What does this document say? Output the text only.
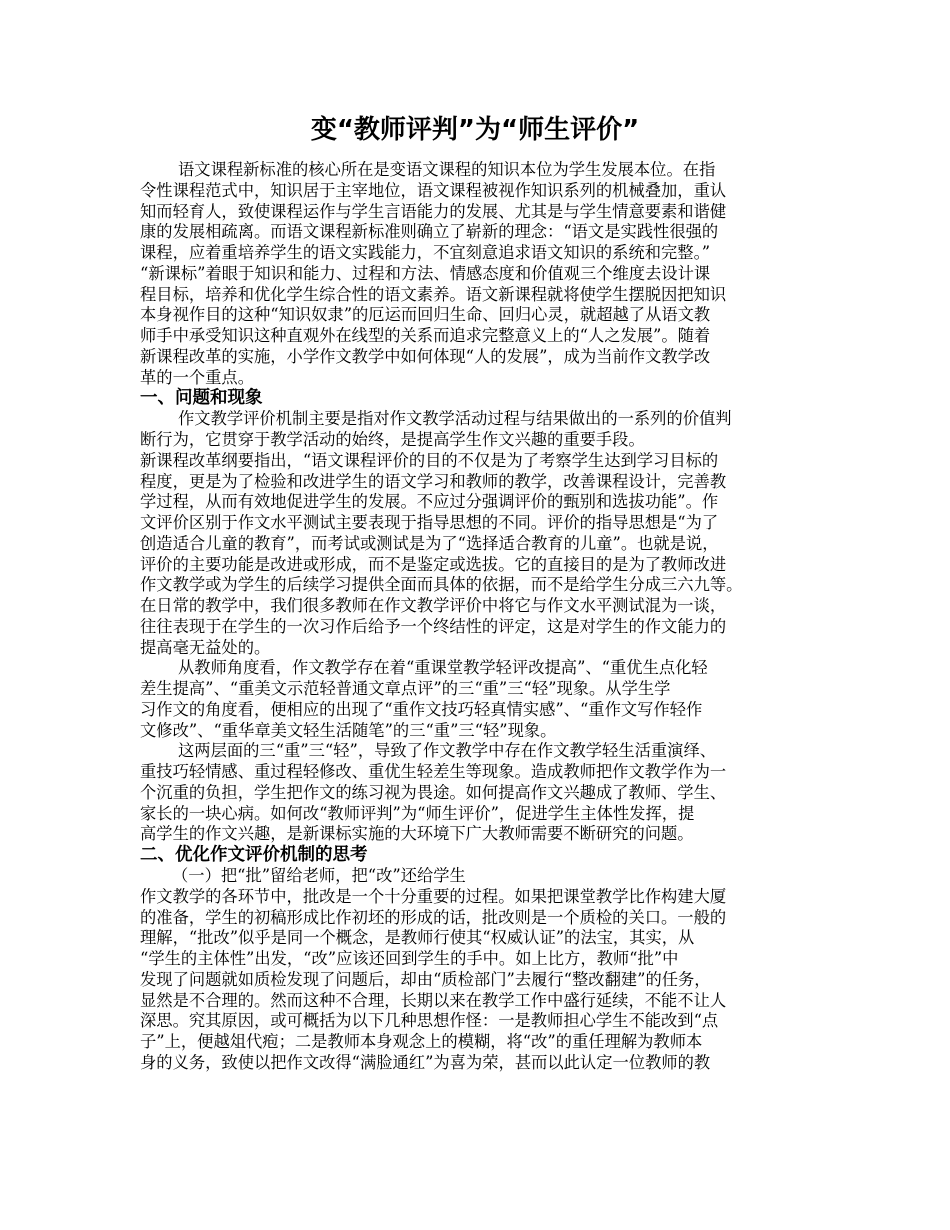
变“教师评判”为“师生评价”
语文课程新标准的核心所在是变语文课程的知识本位为学生发展本位。在指
令性课程范式中，知识居于主宰地位，语文课程被视作知识系列的机械叠加，重认
知而轻育人，致使课程运作与学生言语能力的发展、尤其是与学生情意要素和谐健
康的发展相疏离。而语文课程新标准则确立了崭新的理念：“语文是实践性很强的
课程，应着重培养学生的语文实践能力，不宜刻意追求语文知识的系统和完整。”
“新课标”着眼于知识和能力、过程和方法、情感态度和价值观三个维度去设计课
程目标，培养和优化学生综合性的语文素养。语文新课程就将使学生摆脱因把知识
本身视作目的这种“知识奴隶”的厄运而回归生命、回归心灵，就超越了从语文教
师手中承受知识这种直观外在线型的关系而追求完整意义上的“人之发展”。随着
新课程改革的实施，小学作文教学中如何体现“人的发展”，成为当前作文教学改
革的一个重点。
一、问题和现象
作文教学评价机制主要是指对作文教学活动过程与结果做出的一系列的价值判
断行为，它贯穿于教学活动的始终，是提高学生作文兴趣的重要手段。
新课程改革纲要指出，“语文课程评价的目的不仅是为了考察学生达到学习目标的
程度，更是为了检验和改进学生的语文学习和教师的教学，改善课程设计，完善教
学过程，从而有效地促进学生的发展。不应过分强调评价的甄别和选拔功能”。作
文评价区别于作文水平测试主要表现于指导思想的不同。评价的指导思想是“为了
创造适合儿童的教育”，而考试或测试是为了“选择适合教育的儿童”。也就是说，
评价的主要功能是改进或形成，而不是鉴定或选拔。它的直接目的是为了教师改进
作文教学或为学生的后续学习提供全面而具体的依据，而不是给学生分成三六九等。
在日常的教学中，我们很多教师在作文教学评价中将它与作文水平测试混为一谈，
往往表现于在学生的一次习作后给予一个终结性的评定，这是对学生的作文能力的
提高毫无益处的。
从教师角度看，作文教学存在着“重课堂教学轻评改提高”、“重优生点化轻
差生提高”、“重美文示范轻普通文章点评”的三“重”三“轻”现象。从学生学
习作文的角度看，便相应的出现了“重作文技巧轻真情实感”、“重作文写作轻作
文修改”、“重华章美文轻生活随笔”的三“重”三“轻”现象。
这两层面的三“重”三“轻”，导致了作文教学中存在作文教学轻生活重演绎、
重技巧轻情感、重过程轻修改、重优生轻差生等现象。造成教师把作文教学作为一
个沉重的负担，学生把作文的练习视为畏途。如何提高作文兴趣成了教师、学生、
家长的一块心病。如何改“教师评判”为“师生评价”，促进学生主体性发挥，提
高学生的作文兴趣，是新课标实施的大环境下广大教师需要不断研究的问题。
二、优化作文评价机制的思考
（一）把“批”留给老师，把“改”还给学生
作文教学的各环节中，批改是一个十分重要的过程。如果把课堂教学比作构建大厦
的准备，学生的初稿形成比作初坯的形成的话，批改则是一个质检的关口。一般的
理解，“批改”似乎是同一个概念，是教师行使其“权威认证”的法宝，其实，从
“学生的主体性”出发，“改”应该还回到学生的手中。如上比方，教师“批”中
发现了问题就如质检发现了问题后，却由“质检部门”去履行“整改翻建”的任务，
显然是不合理的。然而这种不合理，长期以来在教学工作中盛行延续，不能不让人
深思。究其原因，或可概括为以下几种思想作怪：一是教师担心学生不能改到“点
子”上，便越俎代疱；二是教师本身观念上的模糊，将“改”的重任理解为教师本
身的义务，致使以把作文改得“满脸通红”为喜为荣，甚而以此认定一位教师的教
